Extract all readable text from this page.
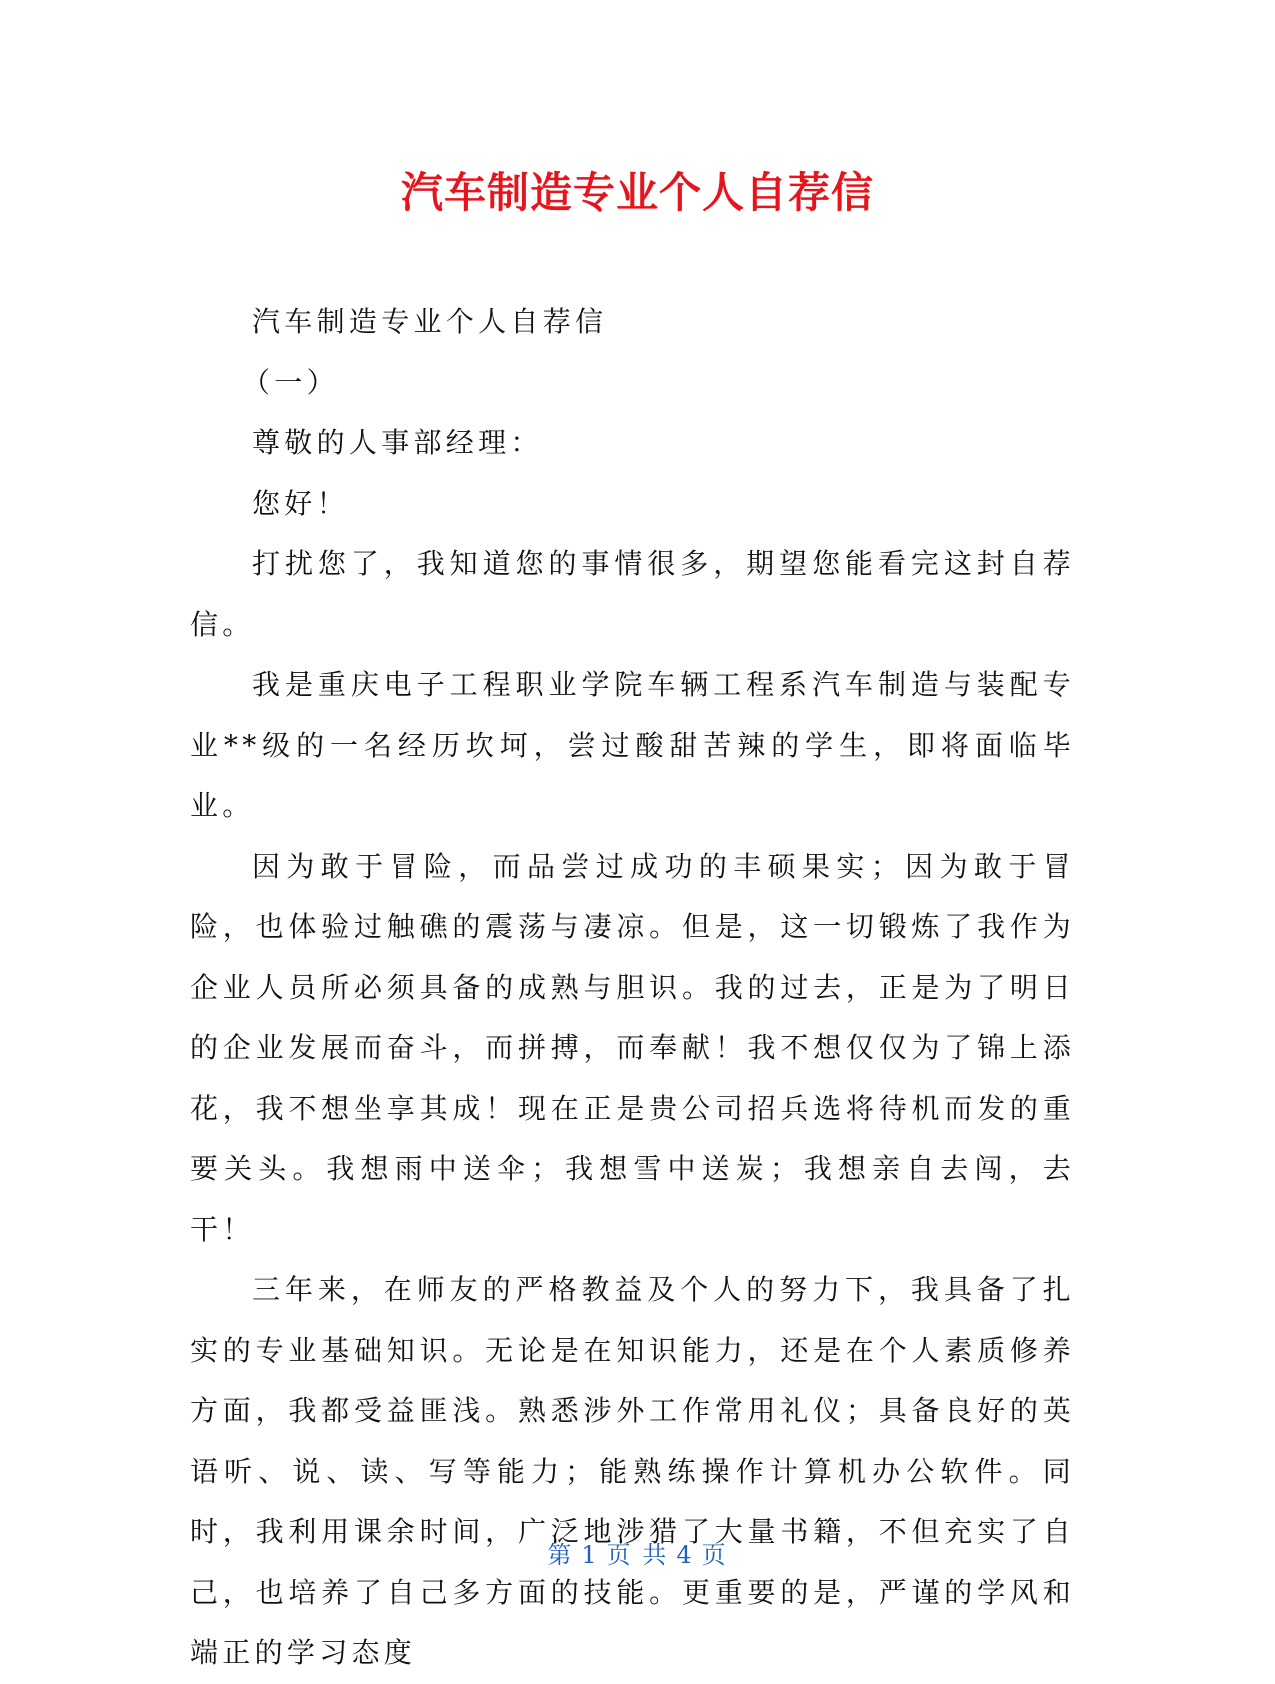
汽车制造专业个人自荐信

汽车制造专业个人自荐信

（一）

尊敬的人事部经理：

您好！

打扰您了，我知道您的事情很多，期望您能看完这封自荐信。

我是重庆电子工程职业学院车辆工程系汽车制造与装配专业**级的一名经历坎坷，尝过酸甜苦辣的学生，即将面临毕业。

因为敢于冒险，而品尝过成功的丰硕果实；因为敢于冒险，也体验过触礁的震荡与凄凉。但是，这一切锻炼了我作为企业人员所必须具备的成熟与胆识。我的过去，正是为了明日的企业发展而奋斗，而拼搏，而奉献！我不想仅仅为了锦上添花，我不想坐享其成！现在正是贵公司招兵选将待机而发的重要关头。我想雨中送伞；我想雪中送炭；我想亲自去闯，去干！

三年来，在师友的严格教益及个人的努力下，我具备了扎实的专业基础知识。无论是在知识能力，还是在个人素质修养方面，我都受益匪浅。熟悉涉外工作常用礼仪；具备良好的英语听、说、读、写等能力；能熟练操作计算机办公软件。同时，我利用课余时间，广泛地涉猎了大量书籍，不但充实了自己，也培养了自己多方面的技能。更重要的是，严谨的学风和端正的学习态度

第 1 页 共 4 页
